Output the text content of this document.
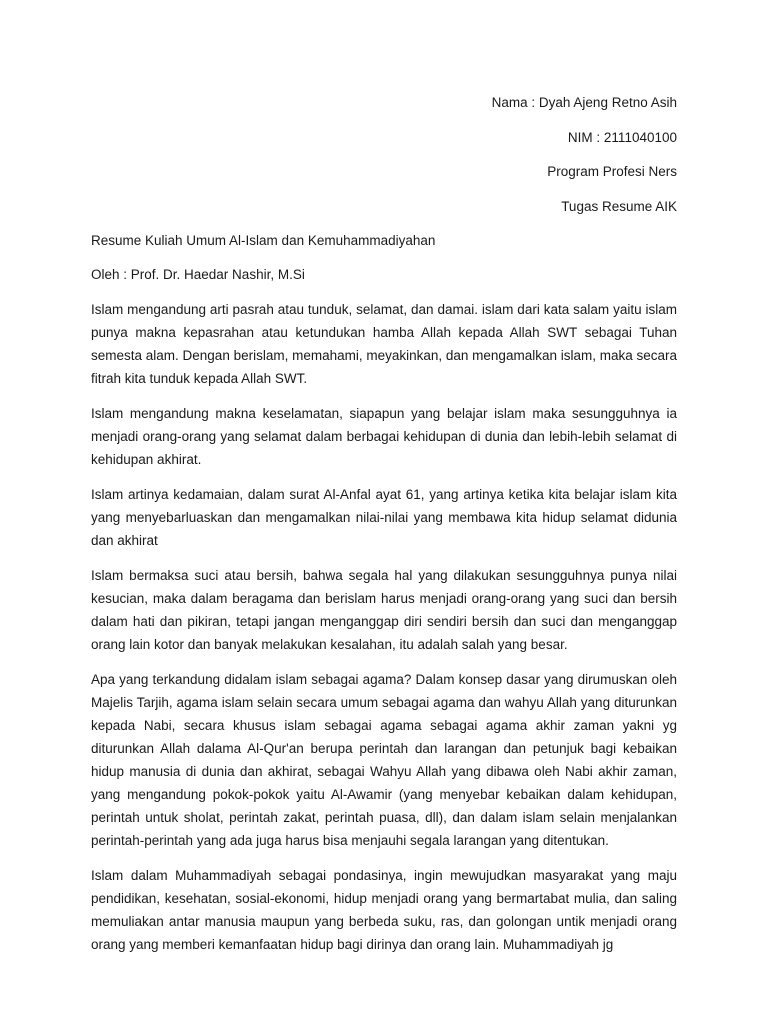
Nama : Dyah Ajeng Retno Asih
NIM : 2111040100
Program Profesi Ners
Tugas Resume AIK
Resume Kuliah Umum Al-Islam dan Kemuhammadiyahan
Oleh : Prof. Dr. Haedar Nashir, M.Si

Islam mengandung arti pasrah atau tunduk, selamat, dan damai. islam dari kata salam yaitu islam punya makna kepasrahan atau ketundukan hamba Allah kepada Allah SWT sebagai Tuhan semesta alam. Dengan berislam, memahami, meyakinkan, dan mengamalkan islam, maka secara fitrah kita tunduk kepada Allah SWT.

Islam mengandung makna keselamatan, siapapun yang belajar islam maka sesungguhnya ia menjadi orang-orang yang selamat dalam berbagai kehidupan di dunia dan lebih-lebih selamat di kehidupan akhirat.

Islam artinya kedamaian, dalam surat Al-Anfal ayat 61, yang artinya ketika kita belajar islam kita yang menyebarluaskan dan mengamalkan nilai-nilai yang membawa kita hidup selamat didunia dan akhirat

Islam bermaksa suci atau bersih, bahwa segala hal yang dilakukan sesungguhnya punya nilai kesucian, maka dalam beragama dan berislam harus menjadi orang-orang yang suci dan bersih dalam hati dan pikiran, tetapi jangan menganggap diri sendiri bersih dan suci dan menganggap orang lain kotor dan banyak melakukan kesalahan, itu adalah salah yang besar.

Apa yang terkandung didalam islam sebagai agama? Dalam konsep dasar yang dirumuskan oleh Majelis Tarjih, agama islam selain secara umum sebagai agama dan wahyu Allah yang diturunkan kepada Nabi, secara khusus islam sebagai agama sebagai agama akhir zaman yakni yg diturunkan Allah dalama Al-Qur'an berupa perintah dan larangan dan petunjuk bagi kebaikan hidup manusia di dunia dan akhirat, sebagai Wahyu Allah yang dibawa oleh Nabi akhir zaman, yang mengandung pokok-pokok yaitu Al-Awamir (yang menyebar kebaikan dalam kehidupan, perintah untuk sholat, perintah zakat, perintah puasa, dll), dan dalam islam selain menjalankan perintah-perintah yang ada juga harus bisa menjauhi segala larangan yang ditentukan.

Islam dalam Muhammadiyah sebagai pondasinya, ingin mewujudkan masyarakat yang maju pendidikan, kesehatan, sosial-ekonomi, hidup menjadi orang yang bermartabat mulia, dan saling memuliakan antar manusia maupun yang berbeda suku, ras, dan golongan untik menjadi orang orang yang memberi kemanfaatan hidup bagi dirinya dan orang lain. Muhammadiyah jg
